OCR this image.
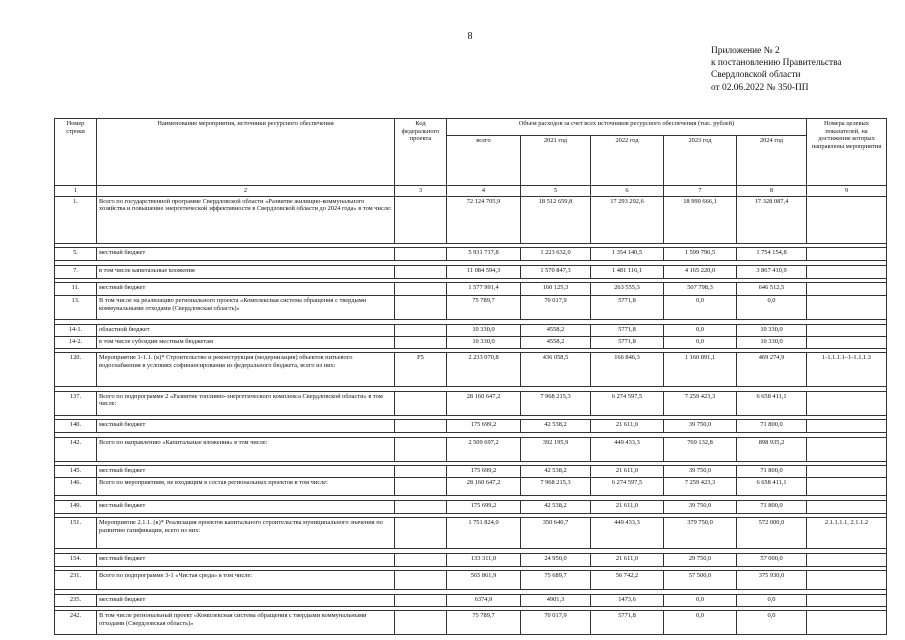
8
Приложение № 2
к постановлению Правительства
Свердловской области
от 02.06.2022 № 350-ПП
Номер строки	Наименование мероприятия, источники ресурсного обеспечения	Код федерального проекта	Объем расходов за счет всех источников ресурсного обеспечения (тыс. рублей)					Номера целевых показателей, на достижение которых направлены мероприятия
			всего	2021 год	2022 год	2023 год	2024 год	
1	2	3	4	5	6	7	8	9
1.	Всего по государственной программе Свердловской области «Развитие жилищно-коммунального хозяйства и повышение энергетической эффективности в Свердловской области до 2024 года» в том числе:		72 124 705,9	18 512 659,8	17 293 292,6	18 990 666,1	17 328 087,4	

5.	местный бюджет		5 931 717,8	1 223 632,0	1 354 140,5	1 599 790,5	1 754 154,8	

7.	в том числе капитальные вложения		11 084 594,3	1 570 847,3	1 481 116,1	4 165 220,0	3 867 410,9	

11.	местный бюджет		1 577 991,4	160 125,3	263 555,3	507 798,3	646 512,5	
13.	В том числе на реализацию регионального проекта «Комплексная система обращения с твердыми коммунальными отходами (Свердловская область)»		75 789,7	70 017,9	5771,8	0,0	0,0	

14-1.	областной бюджет		10 330,0	4558,2	5771,8	0,0	10 330,0	
14-2.	в том числе субсидии местным бюджетам		10 330,0	4558,2	5771,8	0,0	10 330,0	

120.	Мероприятие 1-1.1. (к)* Строительство и реконструкция (модернизация) объектов питьевого водоснабжения в условиях софинансирования из федерального бюджета, всего из них:	F5	2 233 070,8	436 058,5	166 846,3	1 160 891,1	469 274,9	1-1.1.1.1–1-1.1.1.3

137.	Всего по подпрограмме 2 «Развитие топливно-энергетического комплекса Свердловской области» в том числе:		28 160 647,2	7 968 215,3	6 274 597,5	7 259 423,3	6 658 411,1	

140.	местный бюджет		175 699,2	42 538,2	21 611,0	39 750,0	71 800,0	

142.	Всего по направлению «Капитальные вложения» в том числе:		2 509 697,2	392 195,9	449 433,3	769 132,8	898 935,2	

145.	местный бюджет		175 699,2	42 538,2	21 611,0	39 750,0	71 800,0	
146.	Всего по мероприятиям, не входящим в состав региональных проектов в том числе:		28 160 647,2	7 968 215,3	6 274 597,5	7 259 423,3	6 658 411,1	

149.	местный бюджет		175 699,2	42 538,2	21 611,0	39 750,0	71 800,0	

151.	Мероприятие 2.1.1. (к)* Реализация проектов капитального строительства муниципального значения по развитию газификации, всего из них:		1 751 824,0	350 640,7	449 433,3	379 750,0	572 000,0	2.1.1.1.1, 2.1.1.2

154.	местный бюджет		133 311,0	24 950,0	21 611,0	29 750,0	57 000,0	

231.	Всего по подпрограмме 3-1 «Чистая среда» в том числе:		565 861,9	75 689,7	56 742,2	57 500,0	375 930,0	

235.	местный бюджет		6374,9	4901,3	1473,6	0,0	0,0	

242.	В том числе региональный проект «Комплексная система обращения с твердыми коммунальными отходами (Свердловская область)»		75 789,7	70 017,9	5771,8	0,0	0,0	
